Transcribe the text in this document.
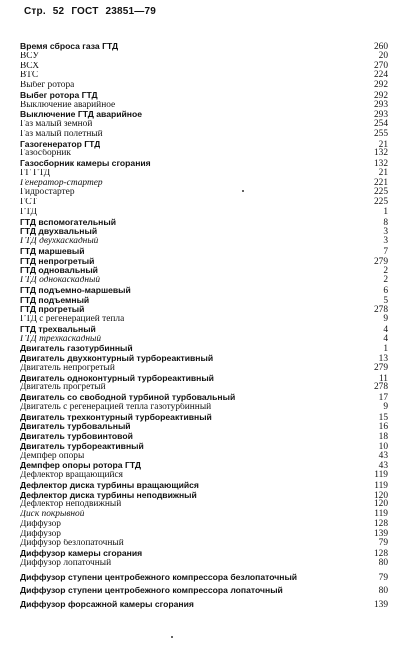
Стр. 52 ГОСТ 23851—79
Время сброса газа ГТД	260
ВСУ	20
ВСХ	270
ВТС	224
Выбег ротора	292
Выбег ротора ГТД	292
Выключение аварийное	293
Выключение ГТД аварийное	293
Газ малый земной	254
Газ малый полетный	255
Газогенератор ГТД	21
Газосборник	132
Газосборник камеры сгорания	132
ГГ ГТД	21
Генератор-стартер	221
Гидростартер	225
ГСТ	225
ГТД	1
ГТД вспомогательный	8
ГТД двухвальный	3
ГТД двухкаскадный	3
ГТД маршевый	7
ГТД непрогретый	279
ГТД одновальный	2
ГТД однокаскадный	2
ГТД подъемно-маршевый	6
ГТД подъемный	5
ГТД прогретый	278
ГТД с регенерацией тепла	9
ГТД трехвальный	4
ГТД трехкаскадный	4
Двигатель газотурбинный	1
Двигатель двухконтурный турбореактивный	13
Двигатель непрогретый	279
Двигатель одноконтурный турбореактивный	11
Двигатель прогретый	278
Двигатель со свободной турбиной турбовальный	17
Двигатель с регенерацией тепла газотурбинный	9
Двигатель трехконтурный турбореактивный	15
Двигатель турбовальный	16
Двигатель турбовинтовой	18
Двигатель турбореактивный	10
Демпфер опоры	43
Демпфер опоры ротора ГТД	43
Дефлектор вращающийся	119
Дефлектор диска турбины вращающийся	119
Дефлектор диска турбины неподвижный	120
Дефлектор неподвижный	120
Диск покрывной	119
Диффузор	128
Диффузор	139
Диффузор безлопаточный	79
Диффузор камеры сгорания	128
Диффузор лопаточный	80
Диффузор ступени центробежного компрессора безлопаточный	79
Диффузор ступени центробежного компрессора лопаточный	80
Диффузор форсажной камеры сгорания	139
